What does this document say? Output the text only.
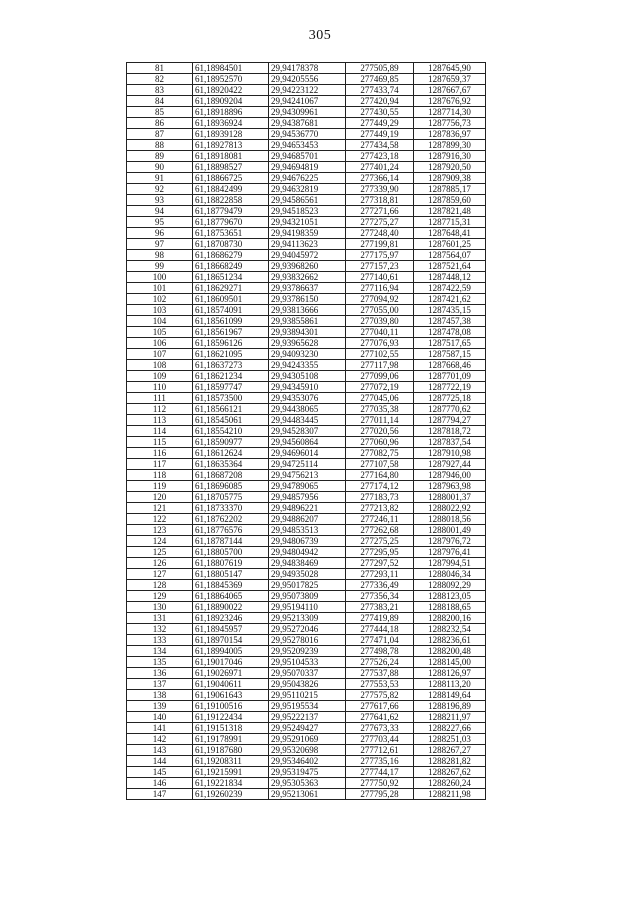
305
81	61,18984501	29,94178378	277505,89	1287645,90
82	61,18952570	29,94205556	277469,85	1287659,37
83	61,18920422	29,94223122	277433,74	1287667,67
84	61,18909204	29,94241067	277420,94	1287676,92
85	61,18918896	29,94309961	277430,55	1287714,30
86	61,18936924	29,94387681	277449,29	1287756,73
87	61,18939128	29,94536770	277449,19	1287836,97
88	61,18927813	29,94653453	277434,58	1287899,30
89	61,18918081	29,94685701	277423,18	1287916,30
90	61,18898527	29,94694819	277401,24	1287920,50
91	61,18866725	29,94676225	277366,14	1287909,38
92	61,18842499	29,94632819	277339,90	1287885,17
93	61,18822858	29,94586561	277318,81	1287859,60
94	61,18779479	29,94518523	277271,66	1287821,48
95	61,18779670	29,94321051	277275,27	1287715,31
96	61,18753651	29,94198359	277248,40	1287648,41
97	61,18708730	29,94113623	277199,81	1287601,25
98	61,18686279	29,94045972	277175,97	1287564,07
99	61,18668249	29,93968260	277157,23	1287521,64
100	61,18651234	29,93832662	277140,61	1287448,12
101	61,18629271	29,93786637	277116,94	1287422,59
102	61,18609501	29,93786150	277094,92	1287421,62
103	61,18574091	29,93813666	277055,00	1287435,15
104	61,18561099	29,93855861	277039,80	1287457,38
105	61,18561967	29,93894301	277040,11	1287478,08
106	61,18596126	29,93965628	277076,93	1287517,65
107	61,18621095	29,94093230	277102,55	1287587,15
108	61,18637273	29,94243355	277117,98	1287668,46
109	61,18621234	29,94305108	277099,06	1287701,09
110	61,18597747	29,94345910	277072,19	1287722,19
111	61,18573500	29,94353076	277045,06	1287725,18
112	61,18566121	29,94438065	277035,38	1287770,62
113	61,18545061	29,94483445	277011,14	1287794,27
114	61,18554210	29,94528307	277020,56	1287818,72
115	61,18590977	29,94560864	277060,96	1287837,54
116	61,18612624	29,94696014	277082,75	1287910,98
117	61,18635364	29,94725114	277107,58	1287927,44
118	61,18687208	29,94756213	277164,80	1287946,00
119	61,18696085	29,94789065	277174,12	1287963,98
120	61,18705775	29,94857956	277183,73	1288001,37
121	61,18733370	29,94896221	277213,82	1288022,92
122	61,18762202	29,94886207	277246,11	1288018,56
123	61,18776576	29,94853513	277262,68	1288001,49
124	61,18787144	29,94806739	277275,25	1287976,72
125	61,18805700	29,94804942	277295,95	1287976,41
126	61,18807619	29,94838469	277297,52	1287994,51
127	61,18805147	29,94935028	277293,11	1288046,34
128	61,18845369	29,95017825	277336,49	1288092,29
129	61,18864065	29,95073809	277356,34	1288123,05
130	61,18890022	29,95194110	277383,21	1288188,65
131	61,18923246	29,95213309	277419,89	1288200,16
132	61,18945957	29,95272046	277444,18	1288232,54
133	61,18970154	29,95278016	277471,04	1288236,61
134	61,18994005	29,95209239	277498,78	1288200,48
135	61,19017046	29,95104533	277526,24	1288145,00
136	61,19026971	29,95070337	277537,88	1288126,97
137	61,19040611	29,95043826	277553,53	1288113,20
138	61,19061643	29,95110215	277575,82	1288149,64
139	61,19100516	29,95195534	277617,66	1288196,89
140	61,19122434	29,95222137	277641,62	1288211,97
141	61,19151318	29,95249427	277673,33	1288227,66
142	61,19178991	29,95291069	277703,44	1288251,03
143	61,19187680	29,95320698	277712,61	1288267,27
144	61,19208311	29,95346402	277735,16	1288281,82
145	61,19215991	29,95319475	277744,17	1288267,62
146	61,19221834	29,95305363	277750,92	1288260,24
147	61,19260239	29,95213061	277795,28	1288211,98
